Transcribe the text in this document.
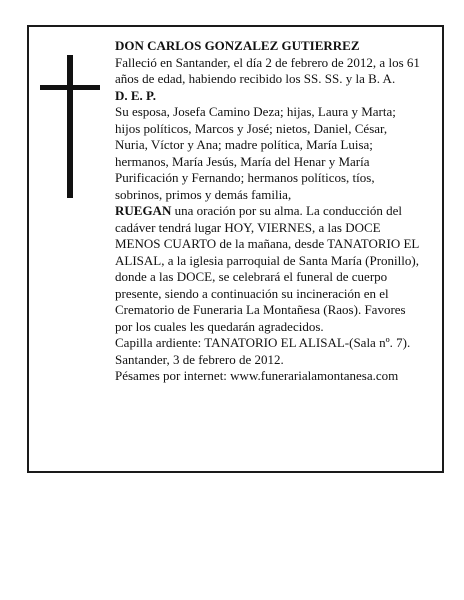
DON CARLOS GONZALEZ GUTIERREZ

Falleció en Santander, el día 2 de febrero de 2012, a los 61 años de edad, habiendo recibido los SS. SS. y la B. A.

D. E. P.

Su esposa, Josefa Camino Deza; hijas, Laura y Marta; hijos políticos, Marcos y José; nietos, Daniel, César, Nuria, Víctor y Ana; madre política, María Luisa; hermanos, María Jesús, María del Henar y María Purificación y Fernando; hermanos políticos, tíos, sobrinos, primos y demás familia,

RUEGAN una oración por su alma. La conducción del cadáver tendrá lugar HOY, VIERNES, a las DOCE MENOS CUARTO de la mañana, desde TANATORIO EL ALISAL, a la iglesia parroquial de Santa María (Pronillo), donde a las DOCE, se celebrará el funeral de cuerpo presente, siendo a continuación su incineración en el Crematorio de Funeraria La Montañesa (Raos). Favores por los cuales les quedarán agradecidos.

Capilla ardiente: TANATORIO EL ALISAL-(Sala nº. 7).

Santander, 3 de febrero de 2012.

Pésames por internet: www.funerarialamontanesa.com
